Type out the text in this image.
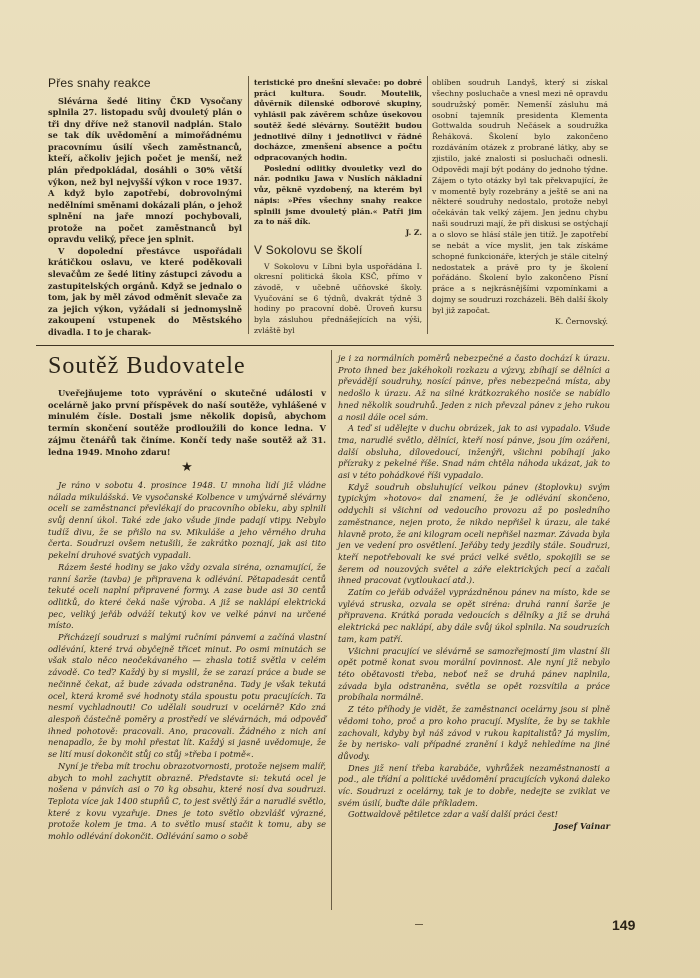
Přes snahy reakce

Slévárna šedé litiny ČKD Vysočany splnila 27. listopadu svůj dvouletý plán o tři dny dříve než stanovil nadplán. Stalo se tak dík uvědomění a mimořádnému pracovnímu úsilí všech zaměstnanců, kteří, ačkoliv jejich počet je menší, než plán předpokládal, dosáhli o 30% větší výkon, než byl nejvyšší výkon v roce 1937. A když bylo zapotřebí, dobrovolnými nedělními směnami dokázali plán, o jehož splnění na jaře mnozí pochybovali, protože na počet zaměstnanců byl opravdu veliký, přece jen splnit.

V dopolední přestávce uspořádali krátičkou oslavu, ve které poděkovali slevačům ze šedé litiny zástupci závodu a zastupitelských orgánů. Když se jednalo o tom, jak by měl závod odměnit slevače za za jejich výkon, vyžádali si jednomyslně zakoupení vstupenek do Městského divadla. I to je charak-

teristické pro dnešní slevače: po dobré práci kultura. Soudr. Moutelik, důvěrník dílenské odborové skupiny, vyhlásil pak závěrem schůze úsekovou soutěž šedé slévárny. Soutěžit budou jednotlivé dílny i jednotlivci v řádné docházce, zmenšení absence a počtu odpracovaných hodin.

Poslední odlitky dvouletky vezl do nár. podniku Jawa v Nuslích nákladní vůz, pěkně vyzdobený, na kterém byl nápis: »Přes všechny snahy reakce splnili jsme dvouletý plán.« Patři jim za to náš dík.

J. Z.
V Sokolovu se školí

V Sokolovu v Líbni byla uspořádána I. okresní politická škola KSČ, přímo v závodě, v učebně učňovské školy. Vyučování se 6 týdnů, dvakrát týdně 3 hodiny po pracovní době. Úroveň kursu byla zásluhou přednášejících na výši, zvláště byl

oblíben soudruh Landyš, který si získal všechny posluchače a vnesl mezi ně opravdu soudružský poměr. Nemenší zásluhu má osobní tajemník presidenta Klementa Gottwalda soudruh Nečásek a soudružka Řeháková. Školení bylo zakončeno rozdáváním otázek z probrané látky, aby se zjistilo, jaké znalosti si posluchači odnesli. Odpovědi mají být podány do jednoho týdne. Zájem o tyto otázky byl tak překvapující, že v momentě byly rozebrány a ještě se ani na některé soudruhy nedostalo, protože nebyl očekáván tak velký zájem. Jen jednu chybu naši soudruzi mají, že při diskusi se ostýchají a o slovo se hlásí stále jen titíž. Je zapotřebí se nebát a více myslit, jen tak získáme schopné funkcionáře, kterých je stále citelný nedostatek a právě pro ty je školení pořádáno. Školení bylo zakončeno Písní práce a s nejkrásnějšími vzpomínkami a dojmy se soudruzi rozcházeli. Běh další školy byl již započat.

K. Černovský.
Soutěž Budovatele

Uveřejňujeme toto vyprávění o skutečné události v ocelárně jako první příspěvek do naší soutěže, vyhlášené v minulém čísle. Dostali jsme několik dopisů, abychom termín skončení soutěže prodloužili do konce ledna. V zájmu čtenářů tak činíme. Končí tedy naše soutěž až 31. ledna 1949. Mnoho zdaru!

★

Je ráno v sobotu 4. prosince 1948. U mnoha lidí již vládne nálada mikulášská. Ve vysočanské Kolbence v umývárně slévárny oceli se zaměstnanci převlékají do pracovního obleku, aby splnili svůj denní úkol. Také zde jako všude jinde padají vtipy. Nebylo tudíž divu, že se přišlo na sv. Mikuláše a jeho věrného druha čerta. Soudruzi ovšem netušili, že zakrátko poznají, jak asi tito pekelní druhové svatých vypadali.

Rázem šesté hodiny se jako vždy ozvala siréna, oznamující, že ranní šarže (tavba) je připravena k odlévání. Pětapadesát centů tekuté oceli naplní připravené formy. A zase bude asi 30 centů odlitků, do které čeká naše výroba. A již se naklápí elektrická pec, veliký jeřáb odváží tekutý kov ve velké pánvi na určené místo.

Přicházejí soudruzi s malými ručními pánvemi a začíná vlastní odlévání, které trvá obyčejně třicet minut. Po osmi minutách se však stalo něco neočekávaného — zhasla totiž světla v celém závodě. Co teď? Každý by si myslil, že se zarazí práce a bude se nečinně čekat, až bude závada odstraněna. Tady je však tekutá ocel, která kromě své hodnoty stála spoustu potu pracujících. Ta nesmí vychladnouti! Co udělali soudruzi v ocelárně? Kdo zná alespoň částečně poměry a prostředí ve slévárnách, má odpověď ihned pohotově: pracovali. Ano, pracovali. Žádného z nich ani nenapadlo, že by mohl přestat lít. Každý si jasně uvědomuje, že se lití musí dokončit stůj co stůj »třeba i potmě«.

Nyní je třeba mít trochu obrazotvornosti, protože nejsem malíř, abych to mohl zachytit obrazně. Představte si: tekutá ocel je nošena v pánvích asi o 70 kg obsahu, které nosí dva soudruzi. Teplota více jak 1400 stupňů C, to jest světlý žár a narudlé světlo, které z kovu vyzařuje. Dnes je toto světlo obzvlášť výrazné, protože kolem je tma. A to světlo musí stačit k tomu, aby se mohlo odlévání dokončit. Odlévání samo o sobě

je i za normálních poměrů nebezpečné a často dochází k úrazu. Proto ihned bez jakéhokoli rozkazu a výzvy, zbíhají se dělníci a převádějí soudruhy, nosící pánve, přes nebezpečná místa, aby nedošlo k úrazu. Až na silné krátkozrakého nosiče se nabídlo hned několik soudruhů. Jeden z nich převzal pánev z jeho rukou a nosil dále ocel sám.

A teď si udělejte v duchu obrázek, jak to asi vypadalo. Všude tma, narudlé světlo, dělníci, kteří nosí pánve, jsou jím ozářeni, další obsluha, dílovedoucí, inženýři, všichni pobíhají jako přízraky z pekelné říše. Snad nám chtěla náhoda ukázat, jak to asi v této pohádkové říši vypadalo.

Když soudruh obsluhující velkou pánev (štoplovku) svým typickým »hotovo« dal znamení, že je odlévání skončeno, oddychli si všichni od vedoucího provozu až po posledního zaměstnance, nejen proto, že nikdo nepřišel k úrazu, ale také hlavně proto, že ani kilogram oceli nepřišel nazmar. Závada byla jen ve vedení pro osvětlení. Jeřáby tedy jezdily stále. Soudruzi, kteří nepotřebovali ke své práci velké světlo, spokojili se se šerem od nouzových světel a záře elektrických pecí a začali ihned pracovat (vytloukací atd.).

Zatím co jeřáb odvážel vyprázdněnou pánev na místo, kde se vylévá struska, ozvala se opět siréna: druhá ranní šarže je připravena. Krátká porada vedoucích s dělníky a již se druhá elektrická pec naklápí, aby dále svůj úkol splnila. Na soudruzích tam, kam patří.

Všichni pracující ve slévárně se samozřejmostí jim vlastní šli opět potmě konat svou morální povinnost. Ale nyní již nebylo této obětavosti třeba, neboť než se druhá pánev naplnila, závada byla odstraněna, světla se opět rozsvítila a práce probíhala normálně.

Z této příhody je vidět, že zaměstnanci ocelárny jsou si plně vědomi toho, proč a pro koho pracují. Myslíte, že by se takhle zachovali, kdyby byl náš závod v rukou kapitalistů? Já myslím, že by nerisko- vali případné zranění i když nehledíme na jiné důvody.

Dnes již není třeba karabáče, vyhrůžek nezaměstnanosti a pod., ale třídní a politické uvědomění pracujících vykoná daleko víc. Soudruzi z ocelárny, tak je to dobře, nedejte se zviklat ve svém úsilí, buďte dále příkladem.

Gottwaldově pětiletce zdar a vaší další práci čest!

Josef Vainar
149
